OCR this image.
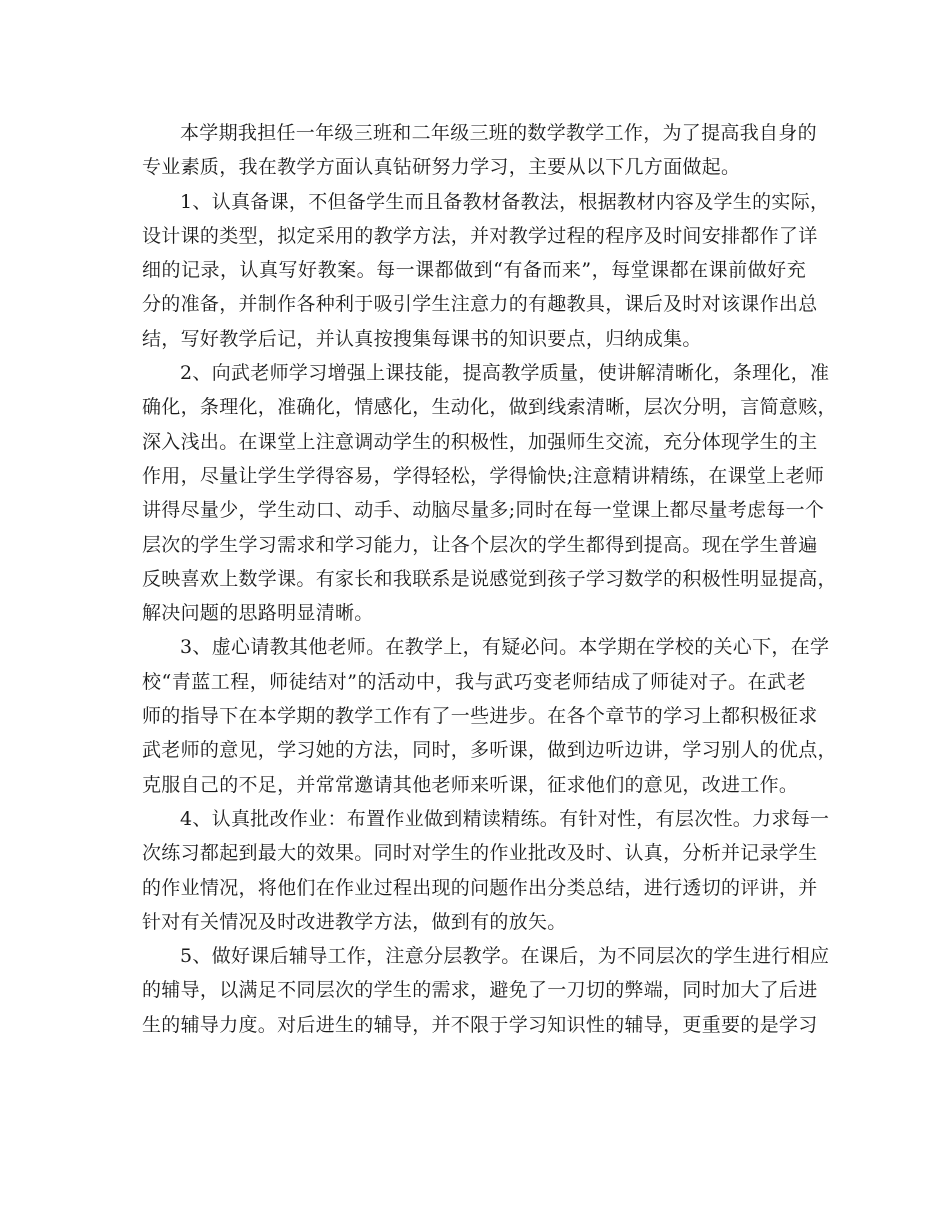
本学期我担任一年级三班和二年级三班的数学教学工作，为了提高我自身的
专业素质，我在教学方面认真钻研努力学习，主要从以下几方面做起。
1、认真备课，不但备学生而且备教材备教法，根据教材内容及学生的实际，
设计课的类型，拟定采用的教学方法，并对教学过程的程序及时间安排都作了详
细的记录，认真写好教案。每一课都做到“有备而来”，每堂课都在课前做好充
分的准备，并制作各种利于吸引学生注意力的有趣教具，课后及时对该课作出总
结，写好教学后记，并认真按搜集每课书的知识要点，归纳成集。
2、向武老师学习增强上课技能，提高教学质量，使讲解清晰化，条理化，准
确化，条理化，准确化，情感化，生动化，做到线索清晰，层次分明，言简意赅，
深入浅出。在课堂上注意调动学生的积极性，加强师生交流，充分体现学生的主
作用，尽量让学生学得容易，学得轻松，学得愉快;注意精讲精练，在课堂上老师
讲得尽量少，学生动口、动手、动脑尽量多;同时在每一堂课上都尽量考虑每一个
层次的学生学习需求和学习能力，让各个层次的学生都得到提高。现在学生普遍
反映喜欢上数学课。有家长和我联系是说感觉到孩子学习数学的积极性明显提高，
解决问题的思路明显清晰。
3、虚心请教其他老师。在教学上，有疑必问。本学期在学校的关心下，在学
校“青蓝工程，师徒结对”的活动中，我与武巧变老师结成了师徒对子。在武老
师的指导下在本学期的教学工作有了一些进步。在各个章节的学习上都积极征求
武老师的意见，学习她的方法，同时，多听课，做到边听边讲，学习别人的优点，
克服自己的不足，并常常邀请其他老师来听课，征求他们的意见，改进工作。
4、认真批改作业：布置作业做到精读精练。有针对性，有层次性。力求每一
次练习都起到最大的效果。同时对学生的作业批改及时、认真，分析并记录学生
的作业情况，将他们在作业过程出现的问题作出分类总结，进行透切的评讲，并
针对有关情况及时改进教学方法，做到有的放矢。
5、做好课后辅导工作，注意分层教学。在课后，为不同层次的学生进行相应
的辅导，以满足不同层次的学生的需求，避免了一刀切的弊端，同时加大了后进
生的辅导力度。对后进生的辅导，并不限于学习知识性的辅导，更重要的是学习
